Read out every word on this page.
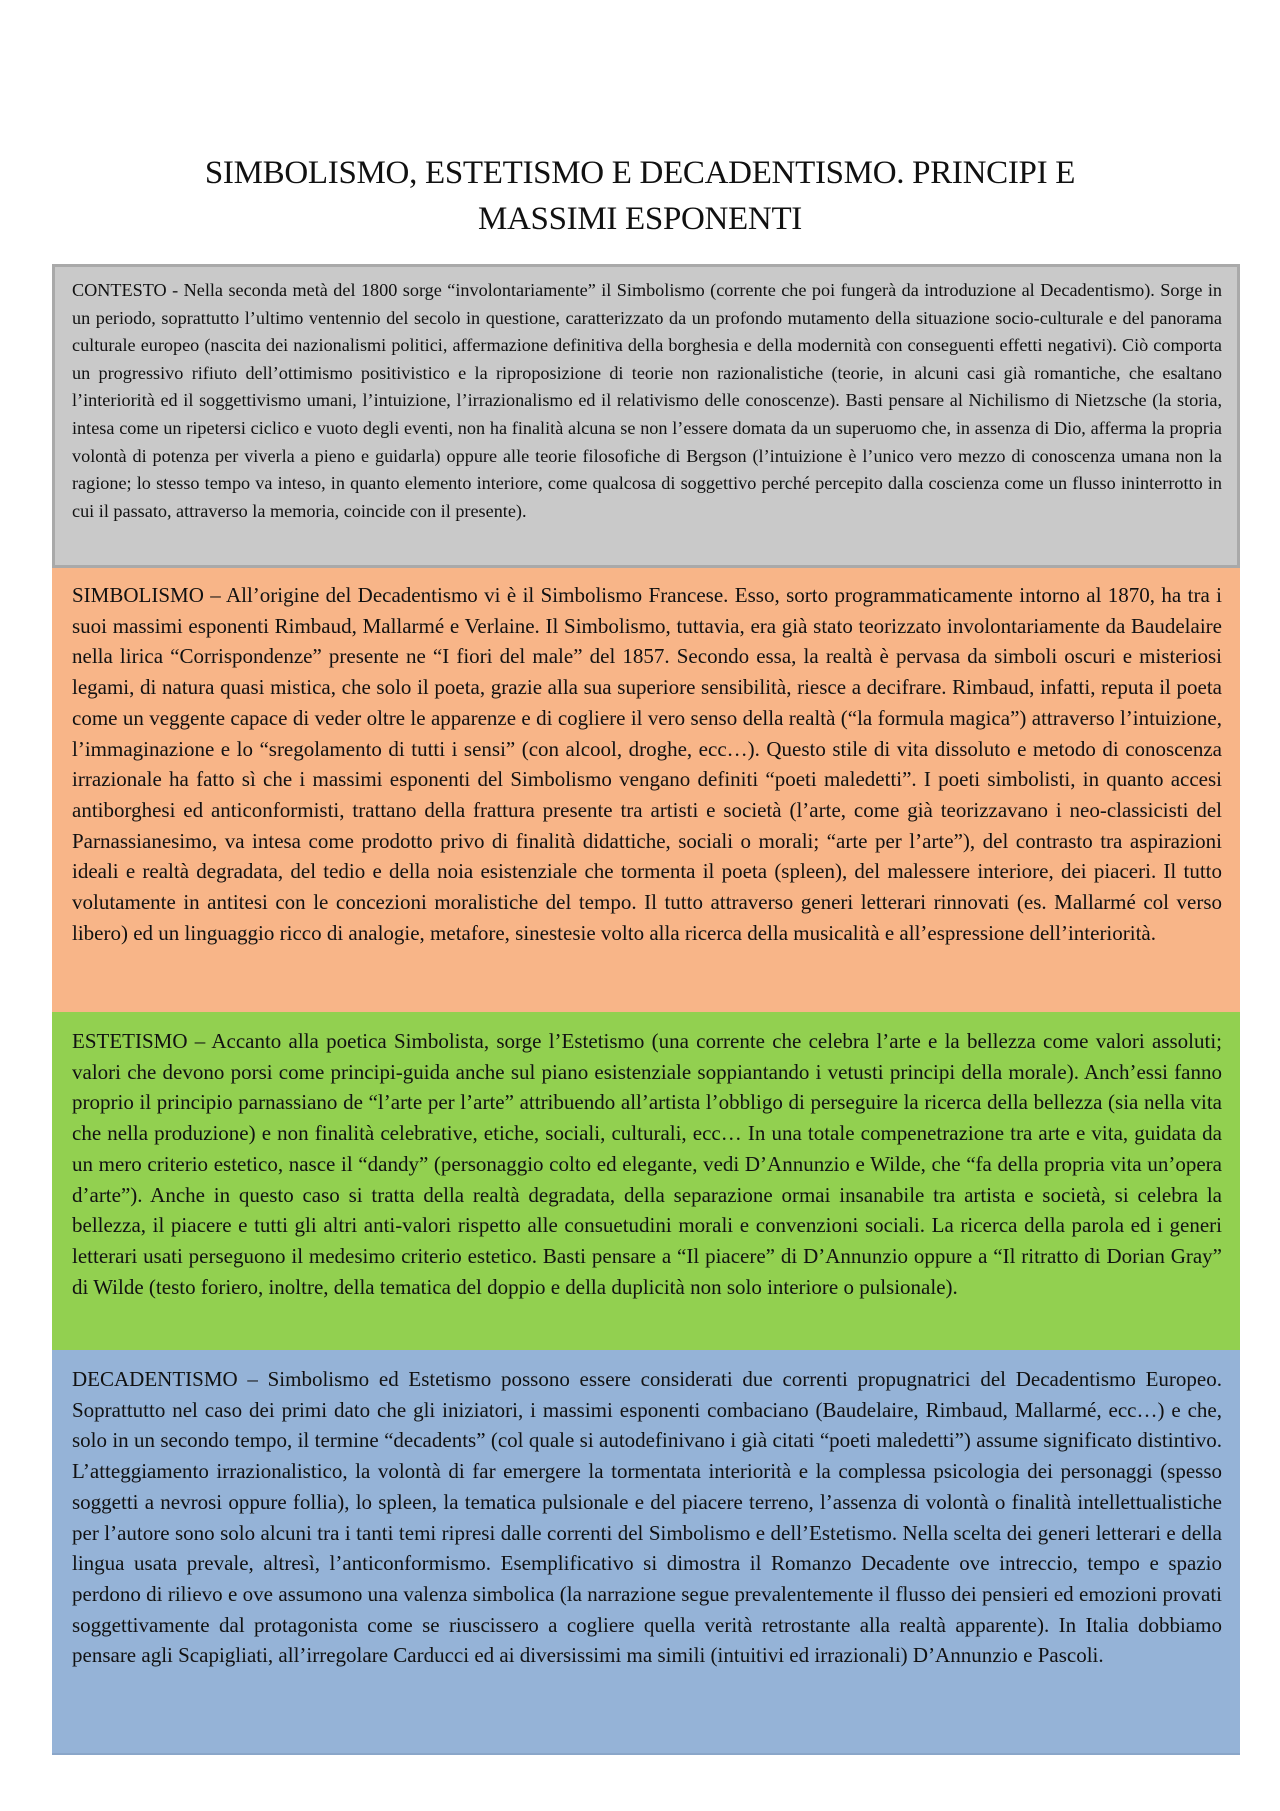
SIMBOLISMO, ESTETISMO E DECADENTISMO. PRINCIPI E
MASSIMI ESPONENTI

CONTESTO - Nella seconda metà del 1800 sorge “involontariamente” il Simbolismo (corrente che poi fungerà da introduzione al Decadentismo). Sorge in un periodo, soprattutto l’ultimo ventennio del secolo in questione, caratterizzato da un profondo mutamento della situazione socio-culturale e del panorama culturale europeo (nascita dei nazionalismi politici, affermazione definitiva della borghesia e della modernità con conseguenti effetti negativi). Ciò comporta un progressivo rifiuto dell’ottimismo positivistico e la riproposizione di teorie non razionalistiche (teorie, in alcuni casi già romantiche, che esaltano l’interiorità ed il soggettivismo umani, l’intuizione, l’irrazionalismo ed il relativismo delle conoscenze). Basti pensare al Nichilismo di Nietzsche (la storia, intesa come un ripetersi ciclico e vuoto degli eventi, non ha finalità alcuna se non l’essere domata da un superuomo che, in assenza di Dio, afferma la propria volontà di potenza per viverla a pieno e guidarla) oppure alle teorie filosofiche di Bergson (l’intuizione è l’unico vero mezzo di conoscenza umana non la ragione; lo stesso tempo va inteso, in quanto elemento interiore, come qualcosa di soggettivo perché percepito dalla coscienza come un flusso ininterrotto in cui il passato, attraverso la memoria, coincide con il presente).

SIMBOLISMO – All’origine del Decadentismo vi è il Simbolismo Francese. Esso, sorto programmaticamente intorno al 1870, ha tra i suoi massimi esponenti Rimbaud, Mallarmé e Verlaine. Il Simbolismo, tuttavia, era già stato teorizzato involontariamente da Baudelaire nella lirica “Corrispondenze” presente ne “I fiori del male” del 1857. Secondo essa, la realtà è pervasa da simboli oscuri e misteriosi legami, di natura quasi mistica, che solo il poeta, grazie alla sua superiore sensibilità, riesce a decifrare. Rimbaud, infatti, reputa il poeta come un veggente capace di veder oltre le apparenze e di cogliere il vero senso della realtà (“la formula magica”) attraverso l’intuizione, l’immaginazione e lo “sregolamento di tutti i sensi” (con alcool, droghe, ecc…). Questo stile di vita dissoluto e metodo di conoscenza irrazionale ha fatto sì che i massimi esponenti del Simbolismo vengano definiti “poeti maledetti”. I poeti simbolisti, in quanto accesi antiborghesi ed anticonformisti, trattano della frattura presente tra artisti e società (l’arte, come già teorizzavano i neo-classicisti del Parnassianesimo, va intesa come prodotto privo di finalità didattiche, sociali o morali; “arte per l’arte”), del contrasto tra aspirazioni ideali e realtà degradata, del tedio e della noia esistenziale che tormenta il poeta (spleen), del malessere interiore, dei piaceri. Il tutto volutamente in antitesi con le concezioni moralistiche del tempo. Il tutto attraverso generi letterari rinnovati (es. Mallarmé col verso libero) ed un linguaggio ricco di analogie, metafore, sinestesie volto alla ricerca della musicalità e all’espressione dell’interiorità.

ESTETISMO – Accanto alla poetica Simbolista, sorge l’Estetismo (una corrente che celebra l’arte e la bellezza come valori assoluti; valori che devono porsi come principi-guida anche sul piano esistenziale soppiantando i vetusti principi della morale). Anch’essi fanno proprio il principio parnassiano de “l’arte per l’arte” attribuendo all’artista l’obbligo di perseguire la ricerca della bellezza (sia nella vita che nella produzione) e non finalità celebrative, etiche, sociali, culturali, ecc… In una totale compenetrazione tra arte e vita, guidata da un mero criterio estetico, nasce il “dandy” (personaggio colto ed elegante, vedi D’Annunzio e Wilde, che “fa della propria vita un’opera d’arte”). Anche in questo caso si tratta della realtà degradata, della separazione ormai insanabile tra artista e società, si celebra la bellezza, il piacere e tutti gli altri anti-valori rispetto alle consuetudini morali e convenzioni sociali. La ricerca della parola ed i generi letterari usati perseguono il medesimo criterio estetico. Basti pensare a “Il piacere” di D’Annunzio oppure a “Il ritratto di Dorian Gray” di Wilde (testo foriero, inoltre, della tematica del doppio e della duplicità non solo interiore o pulsionale).

DECADENTISMO – Simbolismo ed Estetismo possono essere considerati due correnti propugnatrici del Decadentismo Europeo. Soprattutto nel caso dei primi dato che gli iniziatori, i massimi esponenti combaciano (Baudelaire, Rimbaud, Mallarmé, ecc…) e che, solo in un secondo tempo, il termine “decadents” (col quale si autodefinivano i già citati “poeti maledetti”) assume significato distintivo. L’atteggiamento irrazionalistico, la volontà di far emergere la tormentata interiorità e la complessa psicologia dei personaggi (spesso soggetti a nevrosi oppure follia), lo spleen, la tematica pulsionale e del piacere terreno, l’assenza di volontà o finalità intellettualistiche per l’autore sono solo alcuni tra i tanti temi ripresi dalle correnti del Simbolismo e dell’Estetismo. Nella scelta dei generi letterari e della lingua usata prevale, altresì, l’anticonformismo. Esemplificativo si dimostra il Romanzo Decadente ove intreccio, tempo e spazio perdono di rilievo e ove assumono una valenza simbolica (la narrazione segue prevalentemente il flusso dei pensieri ed emozioni provati soggettivamente dal protagonista come se riuscissero a cogliere quella verità retrostante alla realtà apparente). In Italia dobbiamo pensare agli Scapigliati, all’irregolare Carducci ed ai diversissimi ma simili (intuitivi ed irrazionali) D’Annunzio e Pascoli.
